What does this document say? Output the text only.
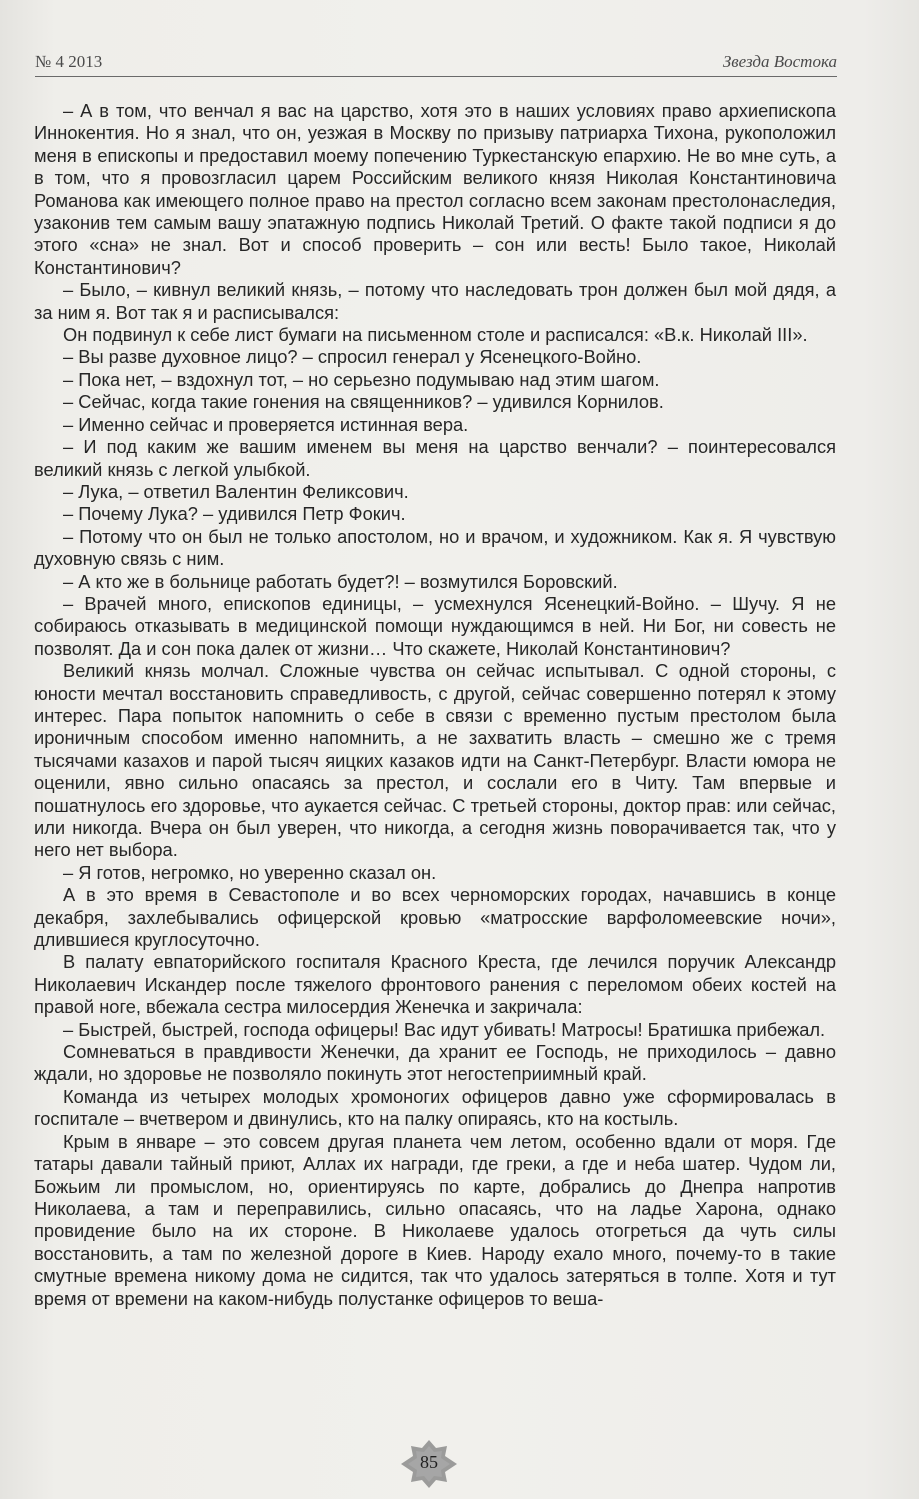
№ 4 2013	Звезда Востока

– А в том, что венчал я вас на царство, хотя это в наших условиях право архиепископа Иннокентия. Но я знал, что он, уезжая в Москву по призыву патриарха Тихона, рукоположил меня в епископы и предоставил моему попечению Туркестанскую епархию. Не во мне суть, а в том, что я провозгласил царем Российским великого князя Николая Константиновича Романова как имеющего полное право на престол согласно всем законам престолонаследия, узаконив тем самым вашу эпатажную подпись Николай Третий. О факте такой подписи я до этого «сна» не знал. Вот и способ проверить – сон или весть! Было такое, Николай Константинович?

– Было, – кивнул великий князь, – потому что наследовать трон должен был мой дядя, а за ним я. Вот так я и расписывался:

Он подвинул к себе лист бумаги на письменном столе и расписался: «В.к. Николай III».

– Вы разве духовное лицо? – спросил генерал у Ясенецкого-Войно.

– Пока нет, – вздохнул тот, – но серьезно подумываю над этим шагом.

– Сейчас, когда такие гонения на священников? – удивился Корнилов.

– Именно сейчас и проверяется истинная вера.

– И под каким же вашим именем вы меня на царство венчали? – поинтересовался великий князь с легкой улыбкой.

– Лука, – ответил Валентин Феликсович.

– Почему Лука? – удивился Петр Фокич.

– Потому что он был не только апостолом, но и врачом, и художником. Как я. Я чувствую духовную связь с ним.

– А кто же в больнице работать будет?! – возмутился Боровский.

– Врачей много, епископов единицы, – усмехнулся Ясенецкий-Войно. – Шучу. Я не собираюсь отказывать в медицинской помощи нуждающимся в ней. Ни Бог, ни совесть не позволят. Да и сон пока далек от жизни… Что скажете, Николай Константинович?

Великий князь молчал. Сложные чувства он сейчас испытывал. С одной стороны, с юности мечтал восстановить справедливость, с другой, сейчас совершенно потерял к этому интерес. Пара попыток напомнить о себе в связи с временно пустым престолом была ироничным способом именно напомнить, а не захватить власть – смешно же с тремя тысячами казахов и парой тысяч яицких казаков идти на Санкт-Петербург. Власти юмора не оценили, явно сильно опасаясь за престол, и сослали его в Читу. Там впервые и пошатнулось его здоровье, что аукается сейчас. С третьей стороны, доктор прав: или сейчас, или никогда. Вчера он был уверен, что никогда, а сегодня жизнь поворачивается так, что у него нет выбора.

– Я готов, негромко, но уверенно сказал он.

А в это время в Севастополе и во всех черноморских городах, начавшись в конце декабря, захлебывались офицерской кровью «матросские варфоломеевские ночи», длившиеся круглосуточно.

В палату евпаторийского госпиталя Красного Креста, где лечился поручик Александр Николаевич Искандер после тяжелого фронтового ранения с переломом обеих костей на правой ноге, вбежала сестра милосердия Женечка и закричала:

– Быстрей, быстрей, господа офицеры! Вас идут убивать! Матросы! Братишка прибежал.

Сомневаться в правдивости Женечки, да хранит ее Господь, не приходилось – давно ждали, но здоровье не позволяло покинуть этот негостеприимный край.

Команда из четырех молодых хромоногих офицеров давно уже сформировалась в госпитале – вчетвером и двинулись, кто на палку опираясь, кто на костыль.

Крым в январе – это совсем другая планета чем летом, особенно вдали от моря. Где татары давали тайный приют, Аллах их награди, где греки, а где и неба шатер. Чудом ли, Божьим ли промыслом, но, ориентируясь по карте, добрались до Днепра напротив Николаева, а там и переправились, сильно опасаясь, что на ладье Харона, однако провидение было на их стороне. В Николаеве удалось отогреться да чуть силы восстановить, а там по железной дороге в Киев. Народу ехало много, почему-то в такие смутные времена никому дома не сидится, так что удалось затеряться в толпе. Хотя и тут время от времени на каком-нибудь полустанке офицеров то веша-

85
